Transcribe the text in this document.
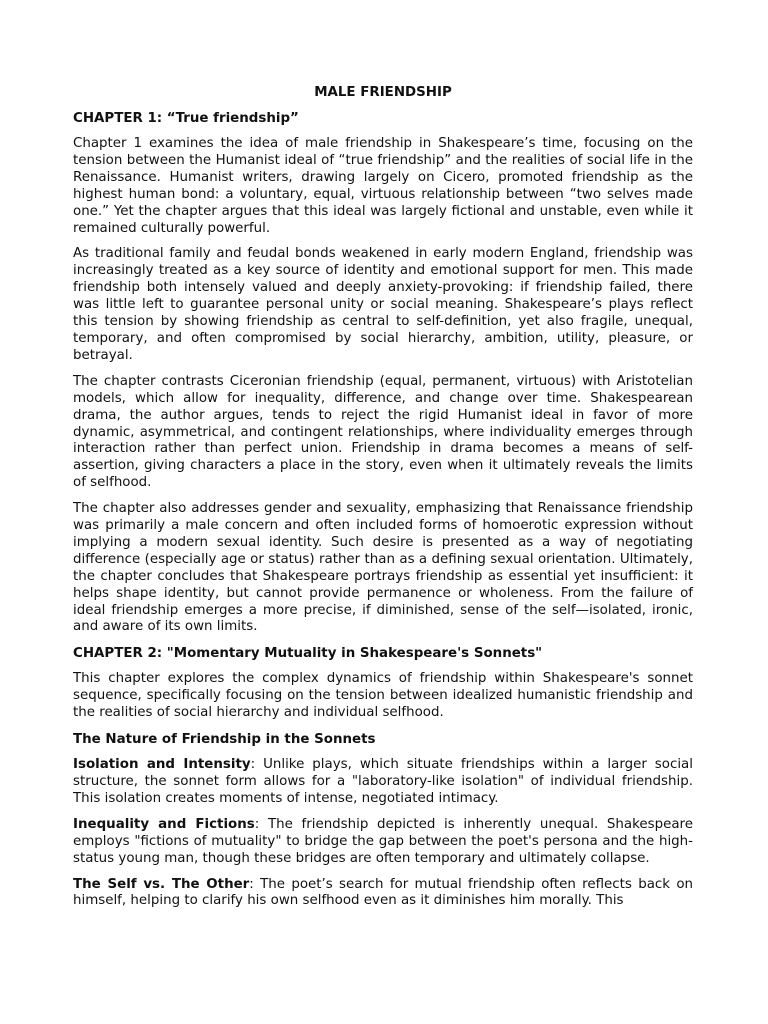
MALE FRIENDSHIP
CHAPTER 1: “True friendship”

Chapter 1 examines the idea of male friendship in Shakespeare’s time, focusing on the tension between the Humanist ideal of “true friendship” and the realities of social life in the Renaissance. Humanist writers, drawing largely on Cicero, promoted friendship as the highest human bond: a voluntary, equal, virtuous relationship between “two selves made one.” Yet the chapter argues that this ideal was largely fictional and unstable, even while it remained culturally powerful.

As traditional family and feudal bonds weakened in early modern England, friendship was increasingly treated as a key source of identity and emotional support for men. This made friendship both intensely valued and deeply anxiety-provoking: if friendship failed, there was little left to guarantee personal unity or social meaning. Shakespeare’s plays reflect this tension by showing friendship as central to self-definition, yet also fragile, unequal, temporary, and often compromised by social hierarchy, ambition, utility, pleasure, or betrayal.

The chapter contrasts Ciceronian friendship (equal, permanent, virtuous) with Aristotelian models, which allow for inequality, difference, and change over time. Shakespearean drama, the author argues, tends to reject the rigid Humanist ideal in favor of more dynamic, asymmetrical, and contingent relationships, where individuality emerges through interaction rather than perfect union. Friendship in drama becomes a means of self-assertion, giving characters a place in the story, even when it ultimately reveals the limits of selfhood.

The chapter also addresses gender and sexuality, emphasizing that Renaissance friendship was primarily a male concern and often included forms of homoerotic expression without implying a modern sexual identity. Such desire is presented as a way of negotiating difference (especially age or status) rather than as a defining sexual orientation. Ultimately, the chapter concludes that Shakespeare portrays friendship as essential yet insufficient: it helps shape identity, but cannot provide permanence or wholeness. From the failure of ideal friendship emerges a more precise, if diminished, sense of the self—isolated, ironic, and aware of its own limits.

CHAPTER 2: "Momentary Mutuality in Shakespeare's Sonnets"

This chapter explores the complex dynamics of friendship within Shakespeare's sonnet sequence, specifically focusing on the tension between idealized humanistic friendship and the realities of social hierarchy and individual selfhood.

The Nature of Friendship in the Sonnets

Isolation and Intensity: Unlike plays, which situate friendships within a larger social structure, the sonnet form allows for a "laboratory-like isolation" of individual friendship. This isolation creates moments of intense, negotiated intimacy.

Inequality and Fictions: The friendship depicted is inherently unequal. Shakespeare employs "fictions of mutuality" to bridge the gap between the poet's persona and the high-status young man, though these bridges are often temporary and ultimately collapse.

The Self vs. The Other: The poet’s search for mutual friendship often reflects back on himself, helping to clarify his own selfhood even as it diminishes him morally. This
